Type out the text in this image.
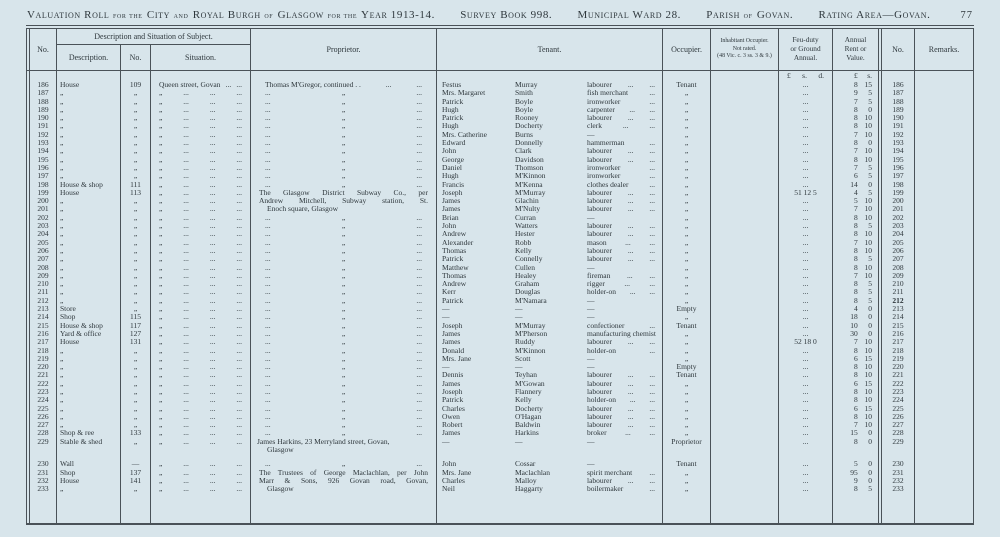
Valuation Roll for the City and Royal Burgh of Glasgow for the Year 1913-14. Survey Book 998. Municipal Ward 28. Parish of Govan. Rating Area—Govan.	77
No.
Description and Situation of Subject.
Description.	No.	Situation.
Proprietor.	Tenant.	Occupier.
Inhabitant Occupier.
Not rated.
(48 Vic. c. 3 ss. 3 & 9.)
Feu-duty
or Ground
Annual.
Annual
Rent or
Value.
No.	Remarks.
£ s. d.	£	s.
186	House	109	Queen street, Govan ... ...	Thomas M'Gregor, continued . .	...	...	Festus	Murray	labourer ... ...	Tenant	...	8 15	186
187	„	„	„	...	...	...	...	„	...	Mrs. Margaret	Smith	fish merchant	...	„	...	9	5	187
188	„	„	„	...	...	...	...	„	...	Patrick	Boyle	ironworker	...	„	...	7	5	188
189	„	„	„	...	...	...	...	„	...	Hugh	Boyle	carpenter ... ...	„	...	8	0	189
190	„	„	„	...	...	...	...	„	...	Patrick	Rooney	labourer ... ...	„	...	8 10	190
191	„	„	„	...	...	...	...	„	...	Hugh	Docherty	clerk	...	...	„	...	8 10	191
192	„	„	„	...	...	...	...	„	...	Mrs. Catherine	Burns	—	„	...	7 10	192
193	„	„	„	...	...	...	...	„	...	Edward	Donnelly	hammerman	...	„	...	8	0	193
194	„	„	„	...	...	...	...	„	...	John	Clark	labourer ... ...	„	...	7 10	194
195	„	„	„	...	...	...	...	„	...	George	Davidson	labourer ... ...	„	...	8 10	195
196	„	„	„	...	...	...	...	„	...	Daniel	Thomson	ironworker	...	„	...	7	5	196
197	„	„	„	...	...	...	...	„	...	Hugh	M'Kinnon	ironworker	...	„	...	6	5	197
198	House & shop	111	„	...	...	...	...	„	...	Francis	M'Kenna	clothes dealer	...	„	...	14	0	198
199	House	113	„	...	...	...	The Glasgow District Subway Co., per	Joseph	M'Murray	labourer ... ...	„	51 12 5	4	5	199
200	„	„	„	...	...	...	Andrew Mitchell, Subway station, St.	James	Glachin	labourer ... ...	„	...	5 10	200
201	„	„	„	...	...	...	Enoch square, Glasgow	James	M'Nulty	labourer ... ...	„	...	7 10	201
202	„	„	„	...	...	...	...	„	...	Brian	Curran	—	„	...	8 10	202
203	„	„	„	...	...	...	...	„	...	John	Watters	labourer ... ...	„	...	8	5	203
204	„	„	„	...	...	...	...	„	...	Andrew	Hester	labourer ... ...	„	...	8 10	204
205	„	„	„	...	...	...	...	„	...	Alexander	Robb	mason ... ...	„	...	7 10	205
206	„	„	„	...	...	...	...	„	...	Thomas	Kelly	labourer ... ...	„	...	8 10	206
207	„	„	„	...	...	...	...	„	...	Patrick	Connelly	labourer ... ...	„	...	8	5	207
208	„	„	„	...	...	...	...	„	...	Matthew	Cullen	—	„	...	8 10	208
209	„	„	„	...	...	...	...	„	...	Thomas	Healey	fireman ... ...	„	...	7 10	209
210	„	„	„	...	...	...	...	„	...	Andrew	Graham	rigger	...	...	„	...	8	5	210
211	„	„	„	...	...	...	...	„	...	Kerr	Douglas	holder-on ... ...	„	...	8	5	211
212	„	„	„	...	...	...	...	„	...	Patrick	M'Namara	—	„	...	8	5	212
213	Store	„	„	...	...	...	...	„	...	—	—	—	Empty	...	4	0	213
214	Shop	115	„	...	...	...	...	„	...	—	—	—	„	...	18	0	214
215	House & shop	117	„	...	...	...	...	„	...	Joseph	M'Murray	confectioner	...	Tenant	...	10	0	215
216	Yard & office	127	„	...	...	...	...	„	...	James	M'Pherson	manufacturing chemist	„	...	30	0	216
217	House	131	„	...	...	...	...	„	...	James	Ruddy	labourer ... ...	„	52 18 0	7 10	217
218	„	„	„	...	...	...	...	„	...	Donald	M'Kinnon	holder-on	...	„	...	8 10	218
219	„	„	„	...	...	...	...	„	...	Mrs. Jane	Scott	—	„	...	6 15	219
220	„	„	„	...	...	...	...	„	...	—	—	—	Empty	...	8 10	220
221	„	„	„	...	...	...	...	„	...	Dennis	Teyhan	labourer ... ...	Tenant	...	8 10	221
222	„	„	„	...	...	...	...	„	...	James	M'Gowan	labourer ... ...	„	...	6 15	222
223	„	„	„	...	...	...	...	„	...	Joseph	Flannery	labourer ... ...	„	...	8 10	223
224	„	„	„	...	...	...	...	„	...	Patrick	Kelly	holder-on ... ...	„	...	8 10	224
225	„	„	„	...	...	...	...	„	...	Charles	Docherty	labourer ... ...	„	...	6 15	225
226	„	„	„	...	...	...	...	„	...	Owen	O'Hagan	labourer ... ...	„	...	8 10	226
227	„	„	„	...	...	...	...	„	...	Robert	Baldwin	labourer ... ...	„	...	7 10	227
228	Shop & ree	133	„	...	...	...	...	„	...	James	Harkins	broker ... ...	„	...	15	0	228
229	Stable & shed	„	„	...	...	...	James Harkins, 23 Merryland street, Govan,	—	—	—	Proprietor	...	8	0	229
Glasgow
230	Wall	—	„	...	...	...	...	„	...	John	Cossar	—	Tenant	...	5	0	230
231	Shop	137	„	...	...	...	The Trustees of George Maclachlan, per John	Mrs. Jane	Maclachlan	spirit merchant ...	„	...	95	0	231
232	House	141	„	...	...	...	Marr & Sons, 926 Govan road, Govan,	Charles	Malloy	labourer ... ...	„	...	9	0	232
233	„	„	„	...	...	...	Glasgow	Neil	Haggarty	boilermaker	...	„	...	8	5	233
